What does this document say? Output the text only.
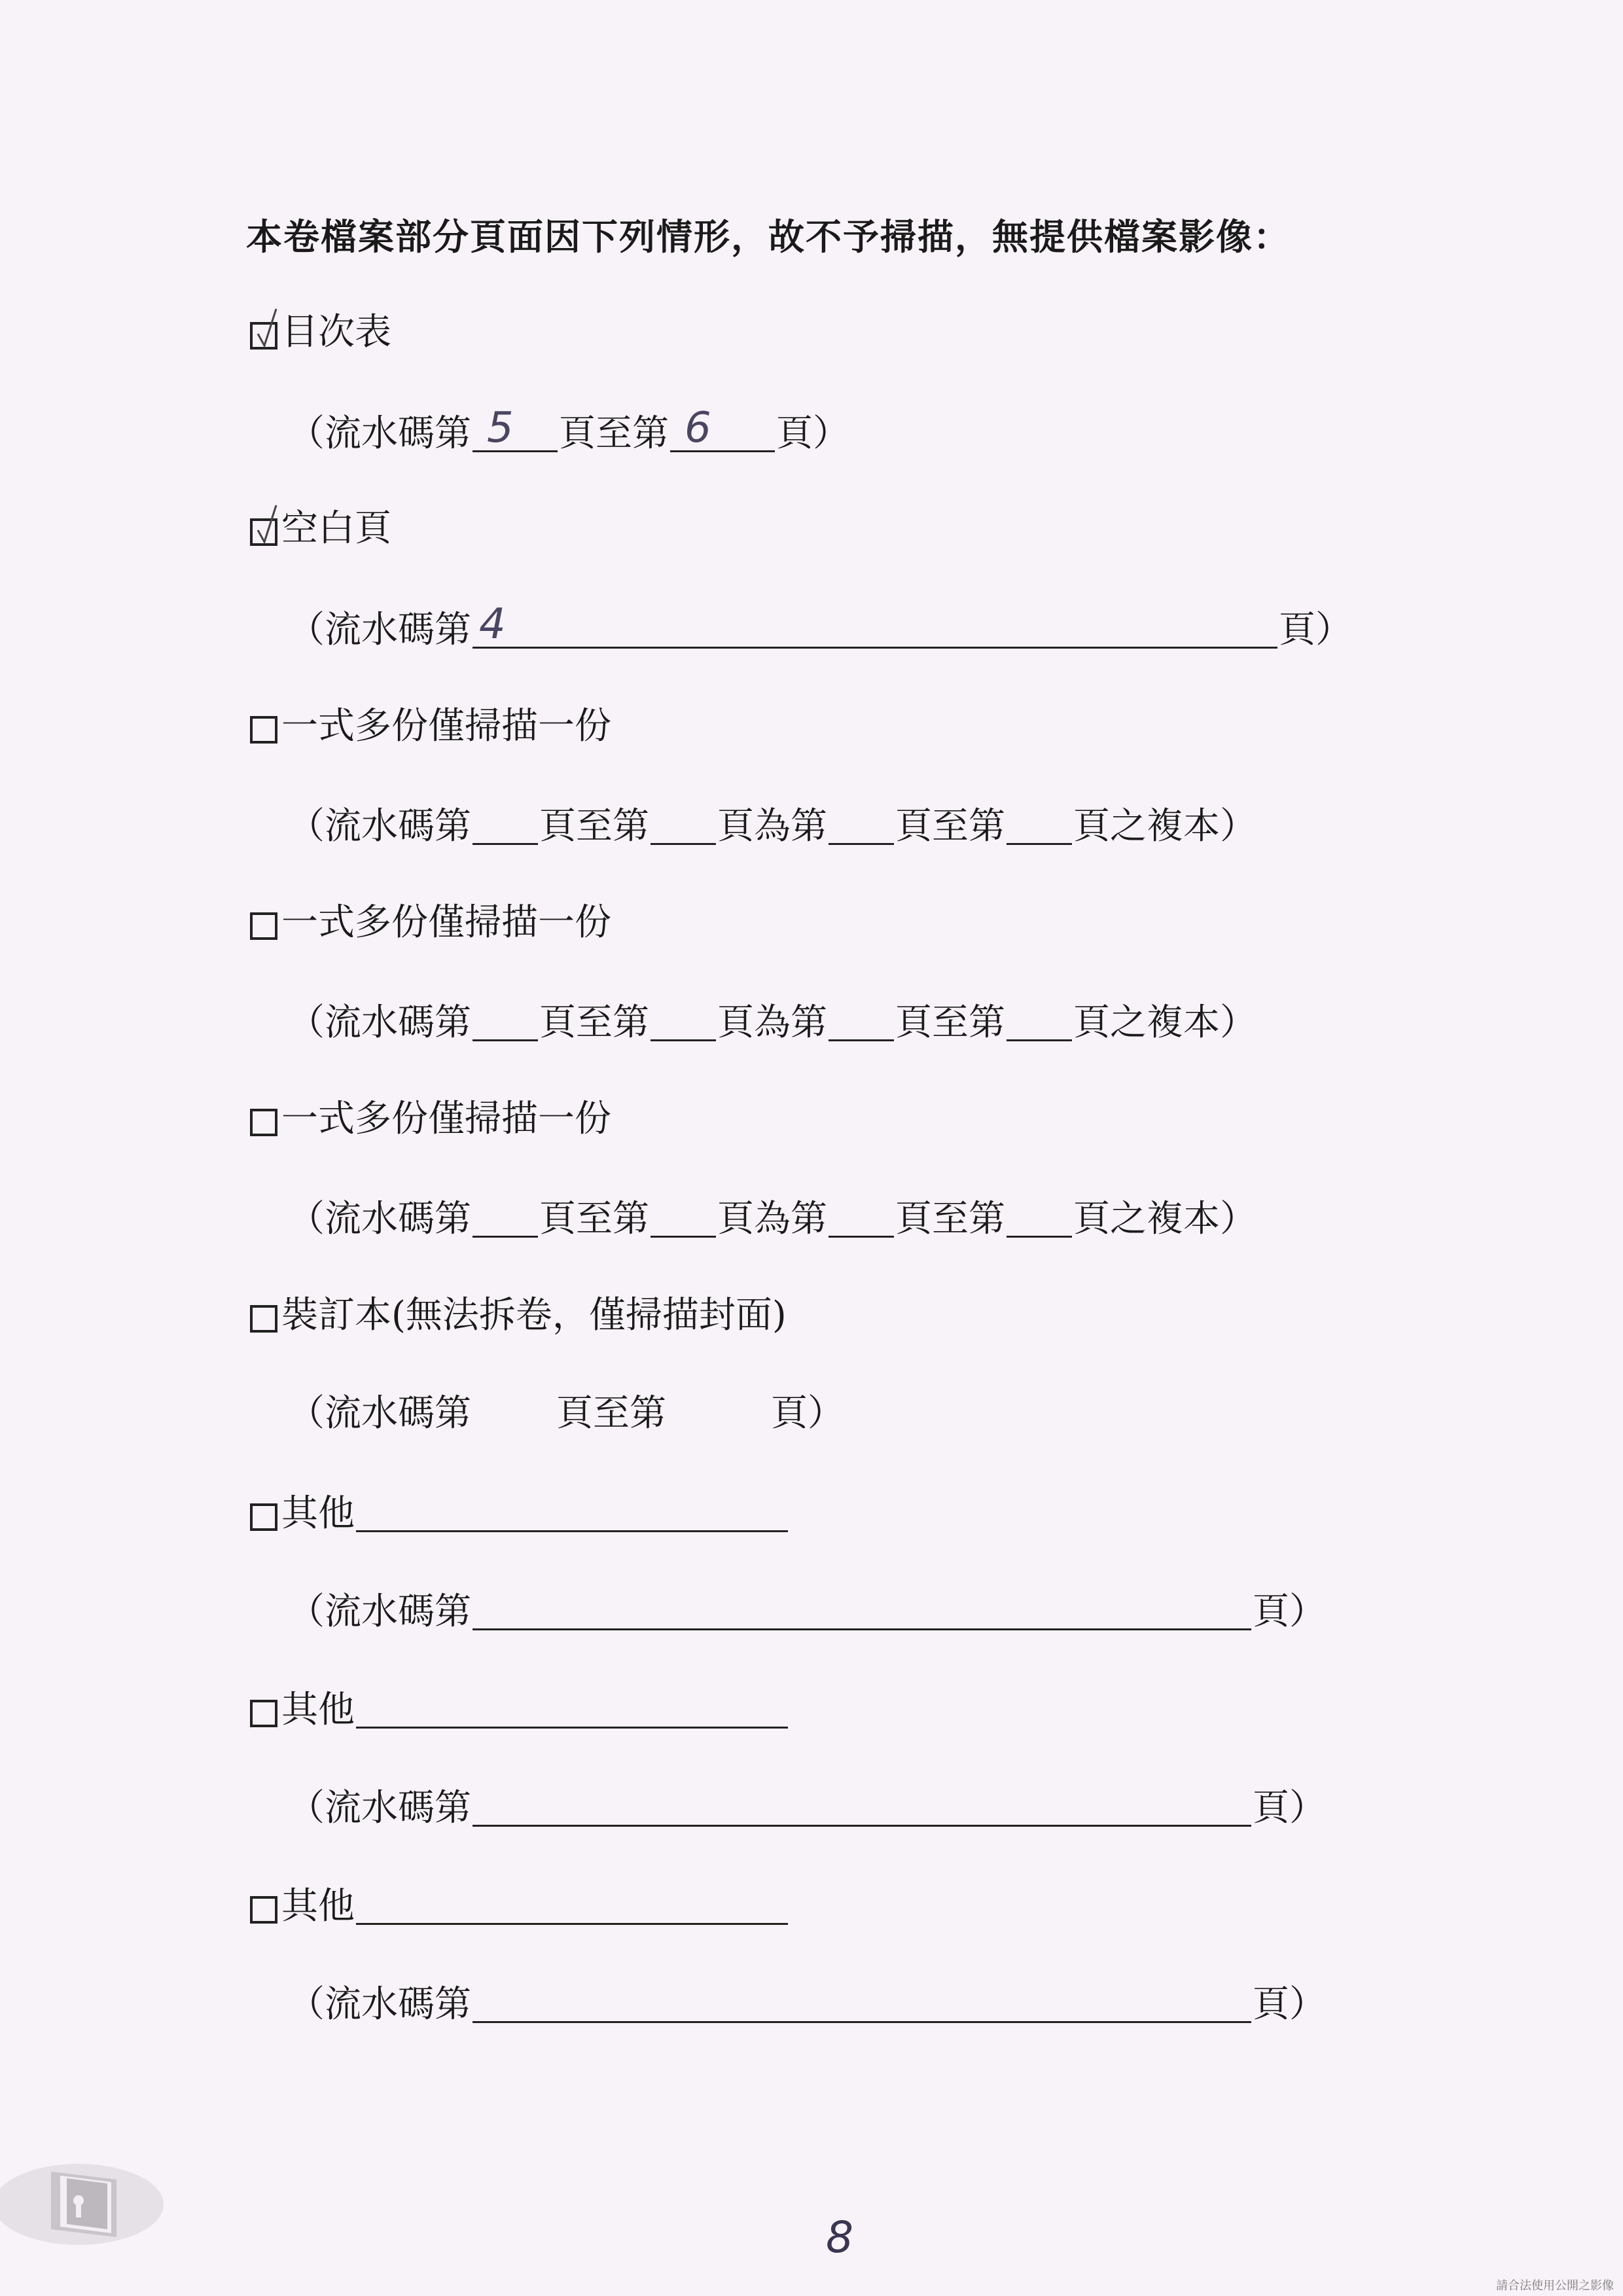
本卷檔案部分頁面因下列情形，故不予掃描，無提供檔案影像：
目次表
（流水碼第 5 頁至第 6 頁）
空白頁
（流水碼第 4	頁）
一式多份僅掃描一份
（流水碼第 頁至第 頁為第 頁至第 頁之複本）
一式多份僅掃描一份
（流水碼第 頁至第 頁為第 頁至第 頁之複本）
一式多份僅掃描一份
（流水碼第 頁至第 頁為第 頁至第 頁之複本）
裝訂本(無法拆卷，僅掃描封面)
（流水碼第 頁至第	頁）
其他
（流水碼第	頁）
其他
（流水碼第	頁）
其他
（流水碼第	頁）
8
請合法使用公開之影像
